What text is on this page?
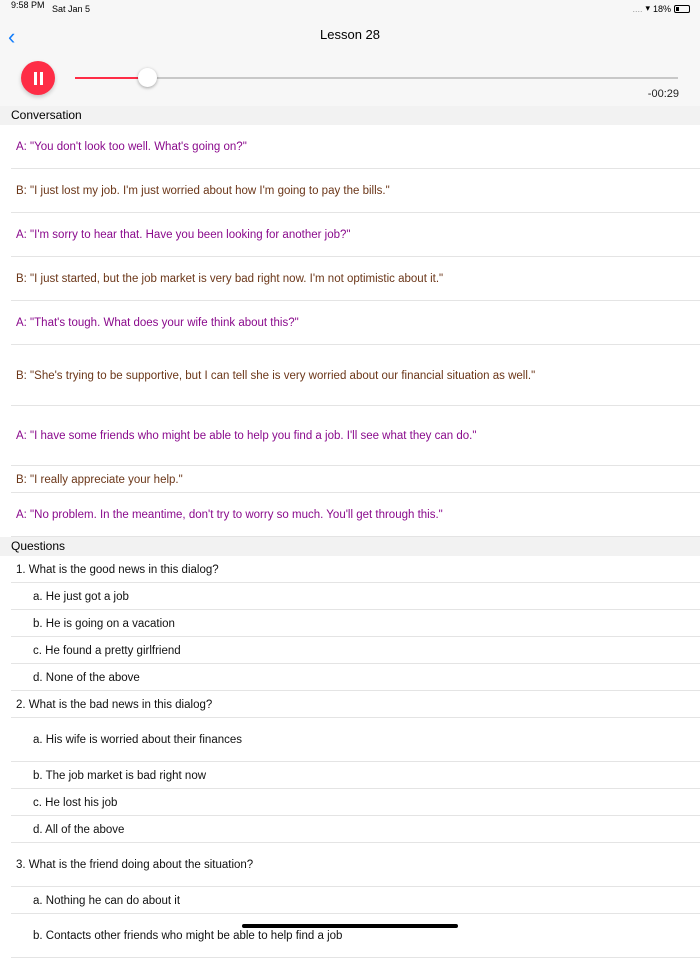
9:58 PM Sat Jan 5	.... ▾ 18%
‹	Lesson 28
-00:29
Conversation
A: "You don't look too well. What's going on?"
B: "I just lost my job. I'm just worried about how I'm going to pay the bills."
A: "I'm sorry to hear that. Have you been looking for another job?"
B: "I just started, but the job market is very bad right now. I'm not optimistic about it."
A: "That's tough. What does your wife think about this?"
B: "She's trying to be supportive, but I can tell she is very worried about our financial situation as well."
A: "I have some friends who might be able to help you find a job. I'll see what they can do."
B: "I really appreciate your help."
A: "No problem. In the meantime, don't try to worry so much. You'll get through this."
Questions
1. What is the good news in this dialog?
a. He just got a job
b. He is going on a vacation
c. He found a pretty girlfriend
d. None of the above
2. What is the bad news in this dialog?
a. His wife is worried about their finances
b. The job market is bad right now
c. He lost his job
d. All of the above
3. What is the friend doing about the situation?
a. Nothing he can do about it
b. Contacts other friends who might be able to help find a job
